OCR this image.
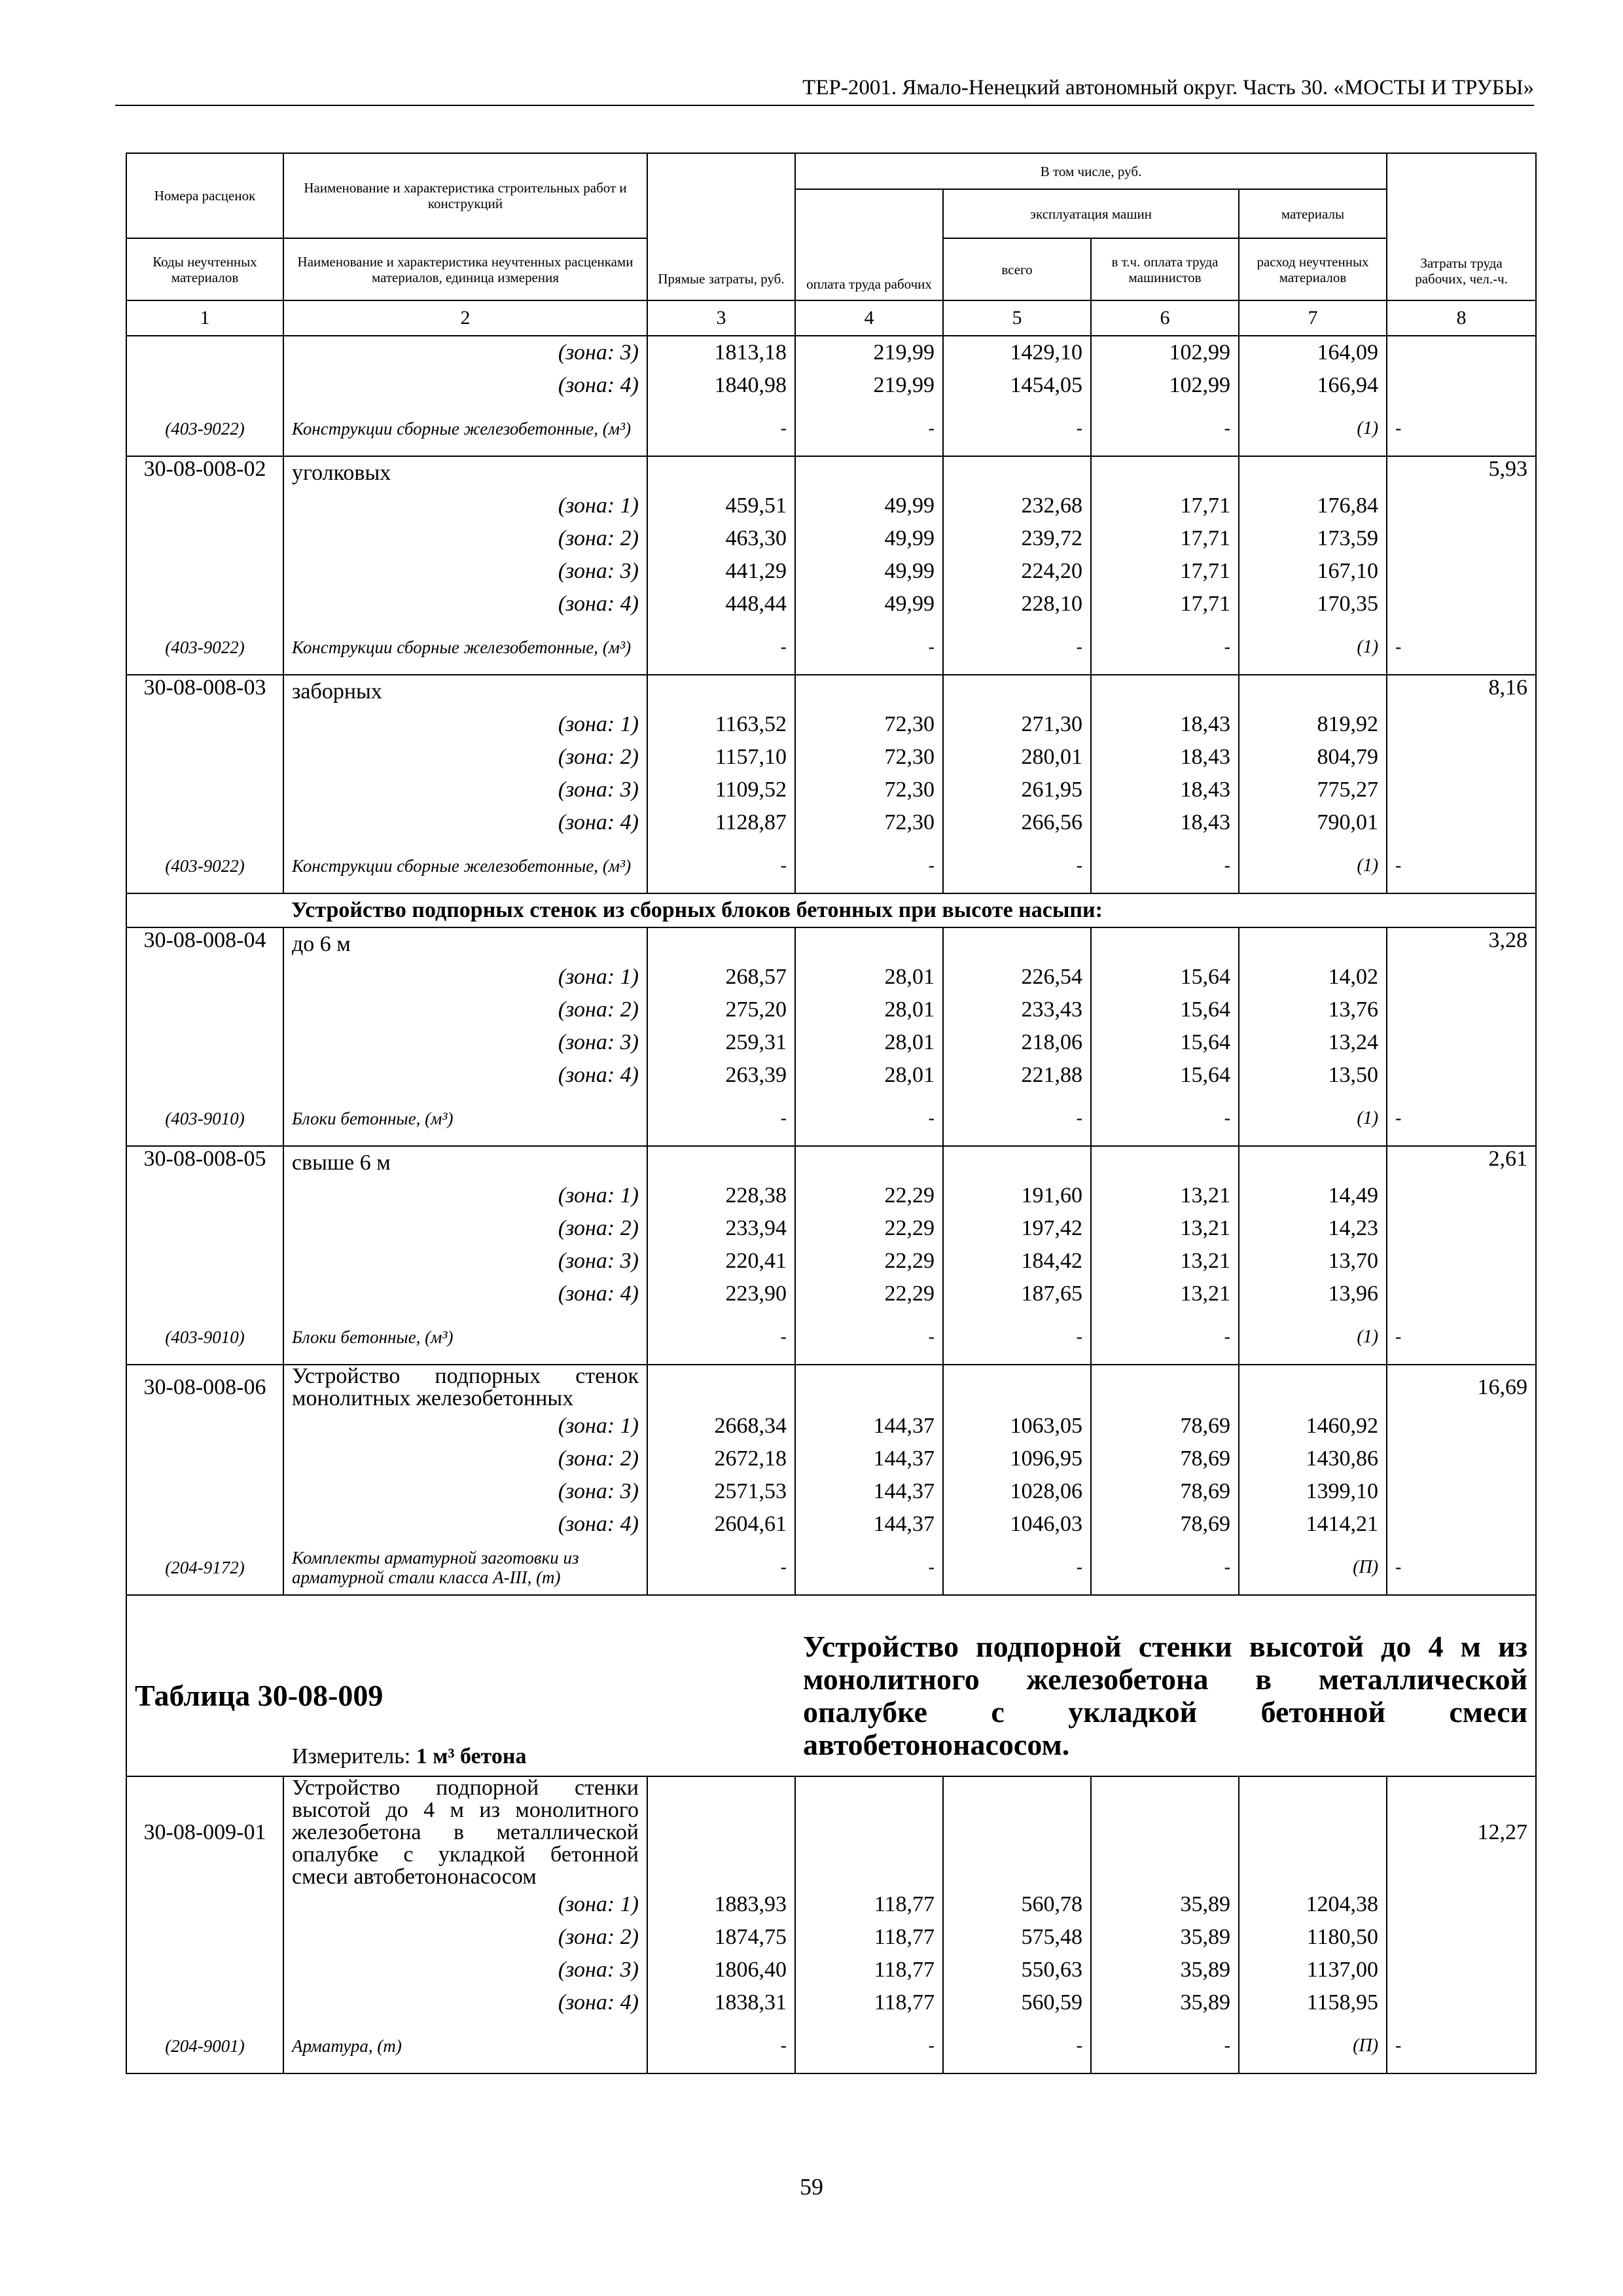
ТЕР-2001. Ямало-Ненецкий автономный округ. Часть 30. «МОСТЫ И ТРУБЫ»
Номера расценок	Наименование и характеристика строительных работ и конструкций	Прямые затраты, руб.	В том числе, руб.				Затраты труда рабочих, чел.-ч.
			оплата труда рабочих	эксплуатация машин		материалы	
Коды неучтенных материалов	Наименование и характеристика неучтенных расценками материалов, единица измерения			всего	в т.ч. оплата труда машинистов	расход неучтенных материалов	
1	2	3	4	5	6	7	8
	(зона: 3)	1813,18	219,99	1429,10	102,99	164,09	
	(зона: 4)	1840,98	219,99	1454,05	102,99	166,94	
(403-9022)	Конструкции сборные железобетонные, (м³)	-	-	-	-	(1)	-
30-08-008-02	уголковых						5,93
	(зона: 1)	459,51	49,99	232,68	17,71	176,84	
	(зона: 2)	463,30	49,99	239,72	17,71	173,59	
	(зона: 3)	441,29	49,99	224,20	17,71	167,10	
	(зона: 4)	448,44	49,99	228,10	17,71	170,35	
(403-9022)	Конструкции сборные железобетонные, (м³)	-	-	-	-	(1)	-
30-08-008-03	заборных						8,16
	(зона: 1)	1163,52	72,30	271,30	18,43	819,92	
	(зона: 2)	1157,10	72,30	280,01	18,43	804,79	
	(зона: 3)	1109,52	72,30	261,95	18,43	775,27	
	(зона: 4)	1128,87	72,30	266,56	18,43	790,01	
(403-9022)	Конструкции сборные железобетонные, (м³)	-	-	-	-	(1)	-
	Устройство подпорных стенок из сборных блоков бетонных при высоте насыпи:						
30-08-008-04	до 6 м						3,28
	(зона: 1)	268,57	28,01	226,54	15,64	14,02	
	(зона: 2)	275,20	28,01	233,43	15,64	13,76	
	(зона: 3)	259,31	28,01	218,06	15,64	13,24	
	(зона: 4)	263,39	28,01	221,88	15,64	13,50	
(403-9010)	Блоки бетонные, (м³)	-	-	-	-	(1)	-
30-08-008-05	свыше 6 м						2,61
	(зона: 1)	228,38	22,29	191,60	13,21	14,49	
	(зона: 2)	233,94	22,29	197,42	13,21	14,23	
	(зона: 3)	220,41	22,29	184,42	13,21	13,70	
	(зона: 4)	223,90	22,29	187,65	13,21	13,96	
(403-9010)	Блоки бетонные, (м³)	-	-	-	-	(1)	-
30-08-008-06	Устройство подпорных стенок монолитных железобетонных						16,69
	(зона: 1)	2668,34	144,37	1063,05	78,69	1460,92	
	(зона: 2)	2672,18	144,37	1096,95	78,69	1430,86	
	(зона: 3)	2571,53	144,37	1028,06	78,69	1399,10	
	(зона: 4)	2604,61	144,37	1046,03	78,69	1414,21	
(204-9172)	Комплекты арматурной заготовки из арматурной стали класса А-III, (т)	-	-	-	-	(П)	-

Таблица 30-08-009
Измеритель: 1 м³ бетона			Устройство подпорной стенки высотой до 4 м из монолитного железобетона в металлической опалубке с укладкой бетонной смеси автобетононасосом.				
30-08-009-01	Устройство подпорной стенки высотой до 4 м из монолитного железобетона в металлической опалубке с укладкой бетонной смеси автобетононасосом						12,27
	(зона: 1)	1883,93	118,77	560,78	35,89	1204,38	
	(зона: 2)	1874,75	118,77	575,48	35,89	1180,50	
	(зона: 3)	1806,40	118,77	550,63	35,89	1137,00	
	(зона: 4)	1838,31	118,77	560,59	35,89	1158,95	
(204-9001)	Арматура, (т)	-	-	-	-	(П)	-
59
